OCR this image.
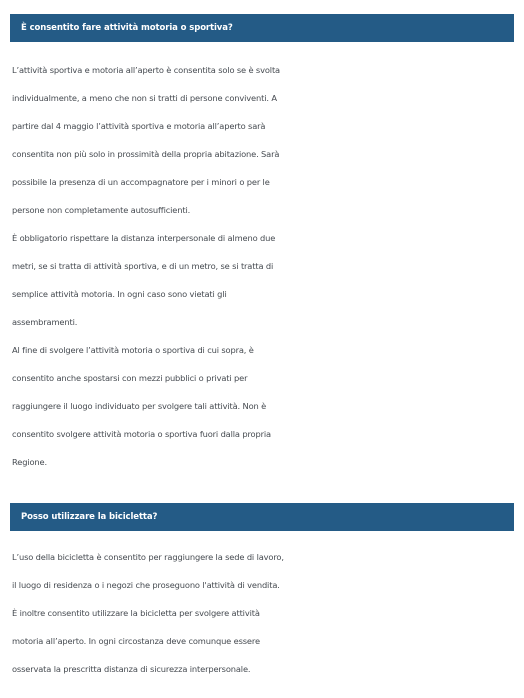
È consentito fare attività motoria o sportiva?
L’attività sportiva e motoria all’aperto è consentita solo se è svolta
individualmente, a meno che non si tratti di persone conviventi. A
partire dal 4 maggio l’attività sportiva e motoria all’aperto sarà
consentita non più solo in prossimità della propria abitazione. Sarà
possibile la presenza di un accompagnatore per i minori o per le
persone non completamente autosufficienti.
È obbligatorio rispettare la distanza interpersonale di almeno due
metri, se si tratta di attività sportiva, e di un metro, se si tratta di
semplice attività motoria. In ogni caso sono vietati gli
assembramenti.
Al fine di svolgere l’attività motoria o sportiva di cui sopra, è
consentito anche spostarsi con mezzi pubblici o privati per
raggiungere il luogo individuato per svolgere tali attività. Non è
consentito svolgere attività motoria o sportiva fuori dalla propria
Regione.
Posso utilizzare la bicicletta?
L’uso della bicicletta è consentito per raggiungere la sede di lavoro,
il luogo di residenza o i negozi che proseguono l'attività di vendita.
È inoltre consentito utilizzare la bicicletta per svolgere attività
motoria all’aperto. In ogni circostanza deve comunque essere
osservata la prescritta distanza di sicurezza interpersonale.
